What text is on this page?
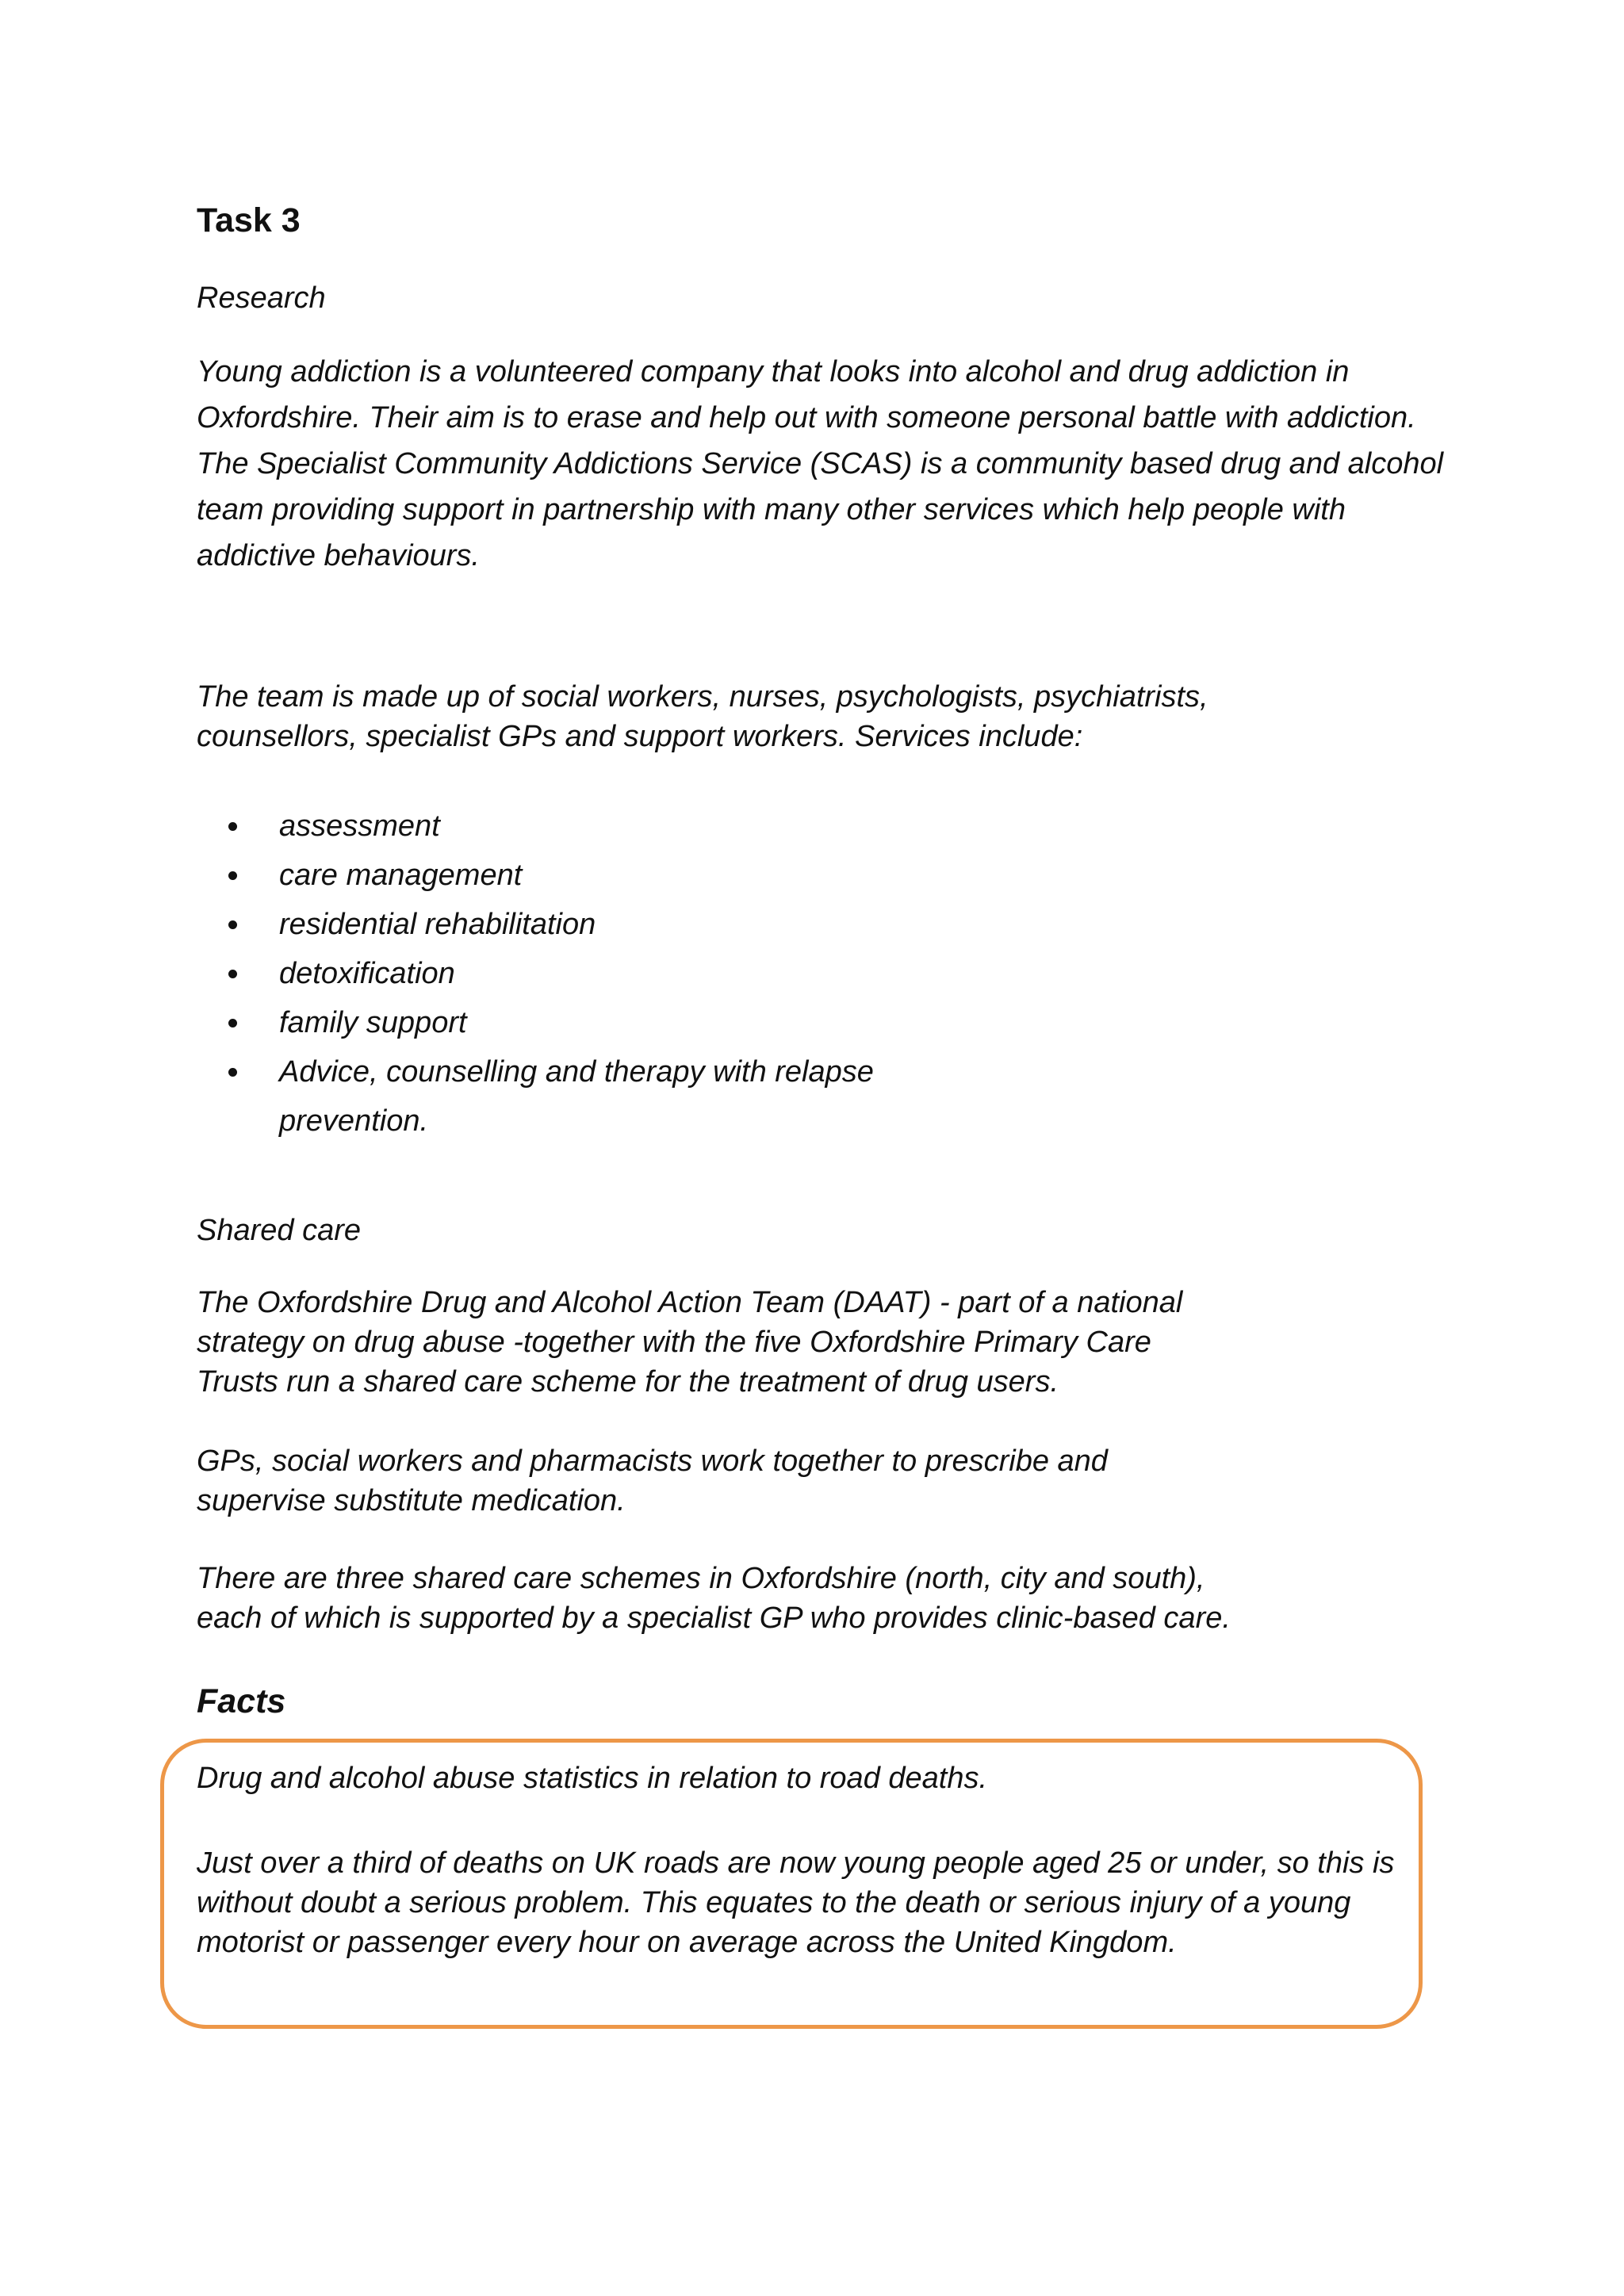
Task 3

Research

Young addiction is a volunteered company that looks into alcohol and drug addiction in
Oxfordshire. Their aim is to erase and help out with someone personal battle with addiction.
The Specialist Community Addictions Service (SCAS) is a community based drug and alcohol
team providing support in partnership with many other services which help people with
addictive behaviours.

The team is made up of social workers, nurses, psychologists, psychiatrists,
counsellors, specialist GPs and support workers. Services include:

assessment
care management
residential rehabilitation
detoxification
family support
Advice, counselling and therapy with relapse
prevention.

Shared care

The Oxfordshire Drug and Alcohol Action Team (DAAT) - part of a national
strategy on drug abuse -together with the five Oxfordshire Primary Care
Trusts run a shared care scheme for the treatment of drug users.

GPs, social workers and pharmacists work together to prescribe and
supervise substitute medication.

There are three shared care schemes in Oxfordshire (north, city and south),
each of which is supported by a specialist GP who provides clinic-based care.

Facts

Drug and alcohol abuse statistics in relation to road deaths.

Just over a third of deaths on UK roads are now young people aged 25 or under, so this is
without doubt a serious problem. This equates to the death or serious injury of a young
motorist or passenger every hour on average across the United Kingdom.
